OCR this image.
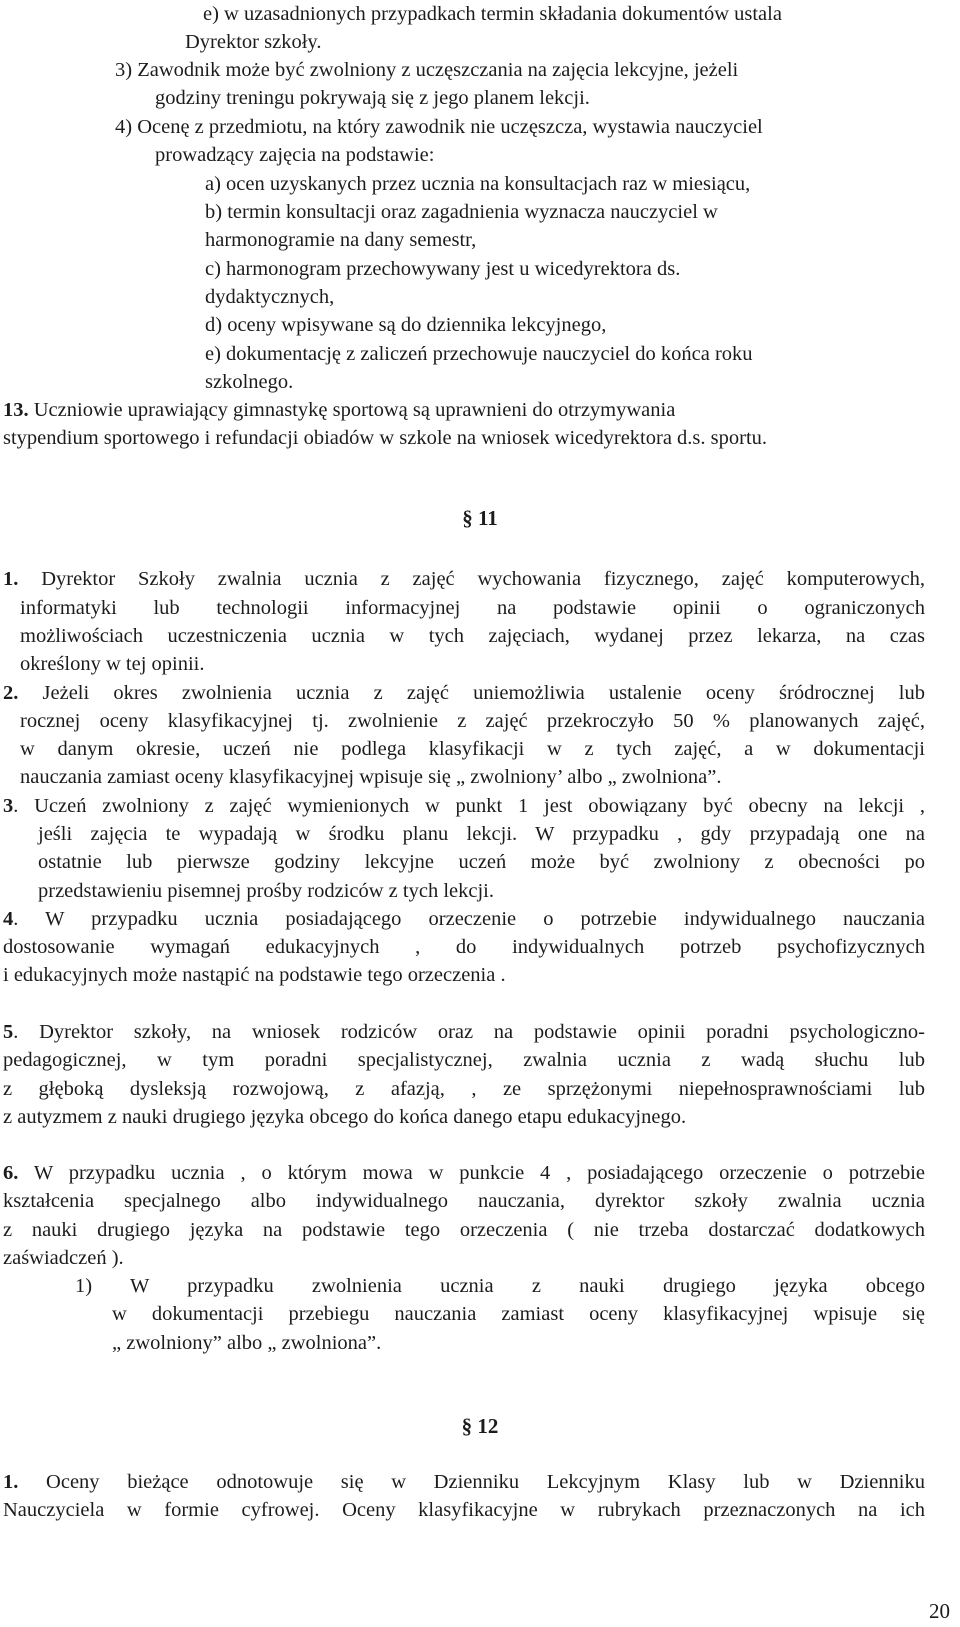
e) w uzasadnionych przypadkach termin składania dokumentów ustala
Dyrektor szkoły.
3) Zawodnik może być zwolniony z uczęszczania na zajęcia lekcyjne, jeżeli
godziny treningu pokrywają się z jego planem lekcji.
4) Ocenę z przedmiotu, na który zawodnik nie uczęszcza, wystawia nauczyciel
prowadzący zajęcia na podstawie:
a) ocen uzyskanych przez ucznia na konsultacjach raz w miesiącu,
b) termin konsultacji oraz zagadnienia wyznacza nauczyciel w
harmonogramie na dany semestr,
c) harmonogram przechowywany jest u wicedyrektora ds.
dydaktycznych,
d) oceny wpisywane są do dziennika lekcyjnego,
e) dokumentację z zaliczeń przechowuje nauczyciel do końca roku
szkolnego.
13. Uczniowie uprawiający gimnastykę sportową są uprawnieni do otrzymywania
stypendium sportowego i refundacji obiadów w szkole na wniosek wicedyrektora d.s. sportu.
§ 11
1. Dyrektor Szkoły zwalnia ucznia z zajęć wychowania fizycznego, zajęć komputerowych,
informatyki lub technologii informacyjnej na podstawie opinii o ograniczonych
możliwościach uczestniczenia ucznia w tych zajęciach, wydanej przez lekarza, na czas
określony w tej opinii.
2. Jeżeli okres zwolnienia ucznia z zajęć uniemożliwia ustalenie oceny śródrocznej lub
rocznej oceny klasyfikacyjnej tj. zwolnienie z zajęć przekroczyło 50 % planowanych zajęć,
w danym okresie, uczeń nie podlega klasyfikacji w z tych zajęć, a w dokumentacji
nauczania zamiast oceny klasyfikacyjnej wpisuje się „ zwolniony’ albo „ zwolniona”.
3. Uczeń zwolniony z zajęć wymienionych w punkt 1 jest obowiązany być obecny na lekcji ,
jeśli zajęcia te wypadają w środku planu lekcji. W przypadku , gdy przypadają one na
ostatnie lub pierwsze godziny lekcyjne uczeń może być zwolniony z obecności po
przedstawieniu pisemnej prośby rodziców z tych lekcji.
4. W przypadku ucznia posiadającego orzeczenie o potrzebie indywidualnego nauczania
dostosowanie wymagań edukacyjnych , do indywidualnych potrzeb psychofizycznych
i edukacyjnych może nastąpić na podstawie tego orzeczenia .
5. Dyrektor szkoły, na wniosek rodziców oraz na podstawie opinii poradni psychologiczno-
pedagogicznej, w tym poradni specjalistycznej, zwalnia ucznia z wadą słuchu lub
z głęboką dysleksją rozwojową, z afazją, , ze sprzężonymi niepełnosprawnościami lub
z autyzmem z nauki drugiego języka obcego do końca danego etapu edukacyjnego.
6. W przypadku ucznia , o którym mowa w punkcie 4 , posiadającego orzeczenie o potrzebie
kształcenia specjalnego albo indywidualnego nauczania, dyrektor szkoły zwalnia ucznia
z nauki drugiego języka na podstawie tego orzeczenia ( nie trzeba dostarczać dodatkowych
zaświadczeń ).
1) W przypadku zwolnienia ucznia z nauki drugiego języka obcego
w dokumentacji przebiegu nauczania zamiast oceny klasyfikacyjnej wpisuje się
„ zwolniony” albo „ zwolniona”.
§ 12
1. Oceny bieżące odnotowuje się w Dzienniku Lekcyjnym Klasy lub w Dzienniku
Nauczyciela w formie cyfrowej. Oceny klasyfikacyjne w rubrykach przeznaczonych na ich
20
